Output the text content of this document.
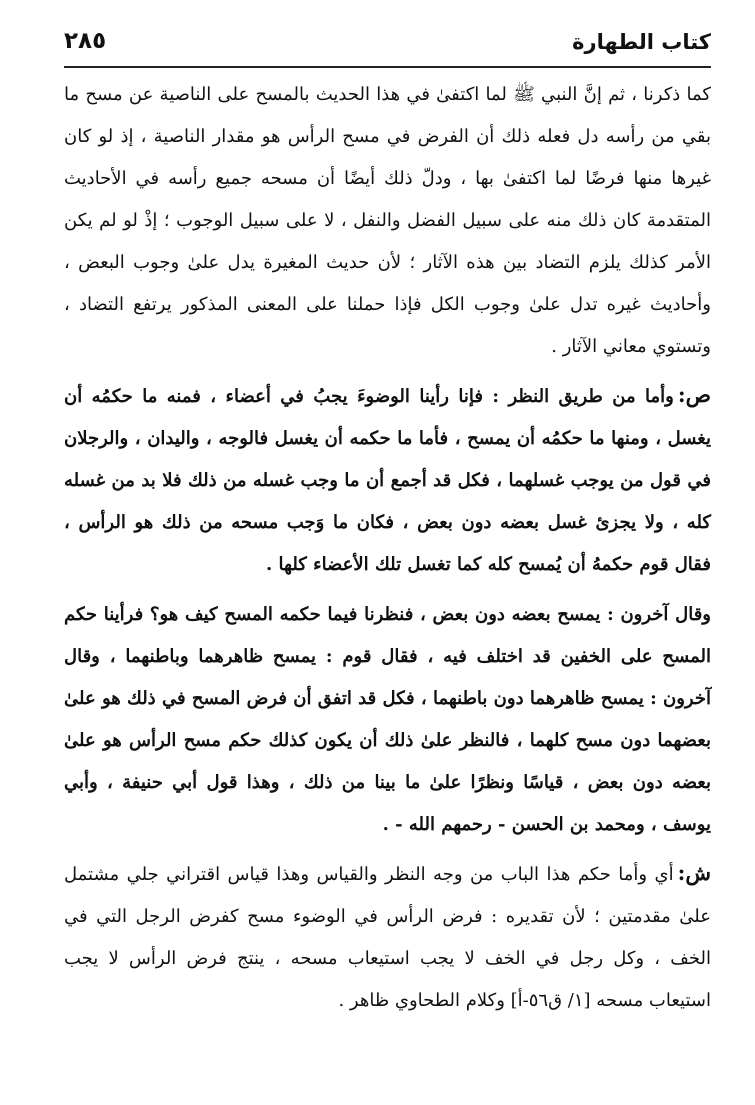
كتاب الطهارة
٢٨٥

كما ذكرنا ، ثم إنَّ النبي ﷺ لما اكتفىٰ في هذا الحديث بالمسح على الناصية عن مسح ما بقي من رأسه دل فعله ذلك أن الفرض في مسح الرأس هو مقدار الناصية ، إذ لو كان غيرها منها فرضًا لما اكتفىٰ بها ، ودلّ ذلك أيضًا أن مسحه جميع رأسه في الأحاديث المتقدمة كان ذلك منه على سبيل الفضل والنفل ، لا على سبيل الوجوب ؛ إذْ لو لم يكن الأمر كذلك يلزم التضاد بين هذه الآثار ؛ لأن حديث المغيرة يدل علىٰ وجوب البعض ، وأحاديث غيره تدل علىٰ وجوب الكل فإذا حملنا على المعنى المذكور يرتفع التضاد ، وتستوي معاني الآثار .

ص:وأما من طريق النظر : فإنا رأينا الوضوءَ يجبُ في أعضاء ، فمنه ما حكمُه أن يغسل ، ومنها ما حكمُه أن يمسح ، فأما ما حكمه أن يغسل فالوجه ، واليدان ، والرجلان في قول من يوجب غسلهما ، فكل قد أجمع أن ما وجب غسله من ذلك فلا بد من غسله كله ، ولا يجزئ غسل بعضه دون بعض ، فكان ما وَجب مسحه من ذلك هو الرأس ، فقال قوم حكمهُ أن يُمسح كله كما تغسل تلك الأعضاء كلها .

وقال آخرون : يمسح بعضه دون بعض ، فنظرنا فيما حكمه المسح كيف هو؟ فرأينا حكم المسح على الخفين قد اختلف فيه ، فقال قوم : يمسح ظاهرهما وباطنهما ، وقال آخرون : يمسح ظاهرهما دون باطنهما ، فكل قد اتفق أن فرض المسح في ذلك هو علىٰ بعضهما دون مسح كلهما ، فالنظر علىٰ ذلك أن يكون كذلك حكم مسح الرأس هو علىٰ بعضه دون بعض ، قياسًا ونظرًا علىٰ ما بينا من ذلك ، وهذا قول أبي حنيفة ، وأبي يوسف ، ومحمد بن الحسن - رحمهم الله - .

ش:أي وأما حكم هذا الباب من وجه النظر والقياس وهذا قياس اقتراني جلي مشتمل علىٰ مقدمتين ؛ لأن تقديره : فرض الرأس في الوضوء مسح كفرض الرجل التي في الخف ، وكل رجل في الخف لا يجب استيعاب مسحه ، ينتج فرض الرأس لا يجب استيعاب مسحه [١/ ق٥٦-أ] وكلام الطحاوي ظاهر .
